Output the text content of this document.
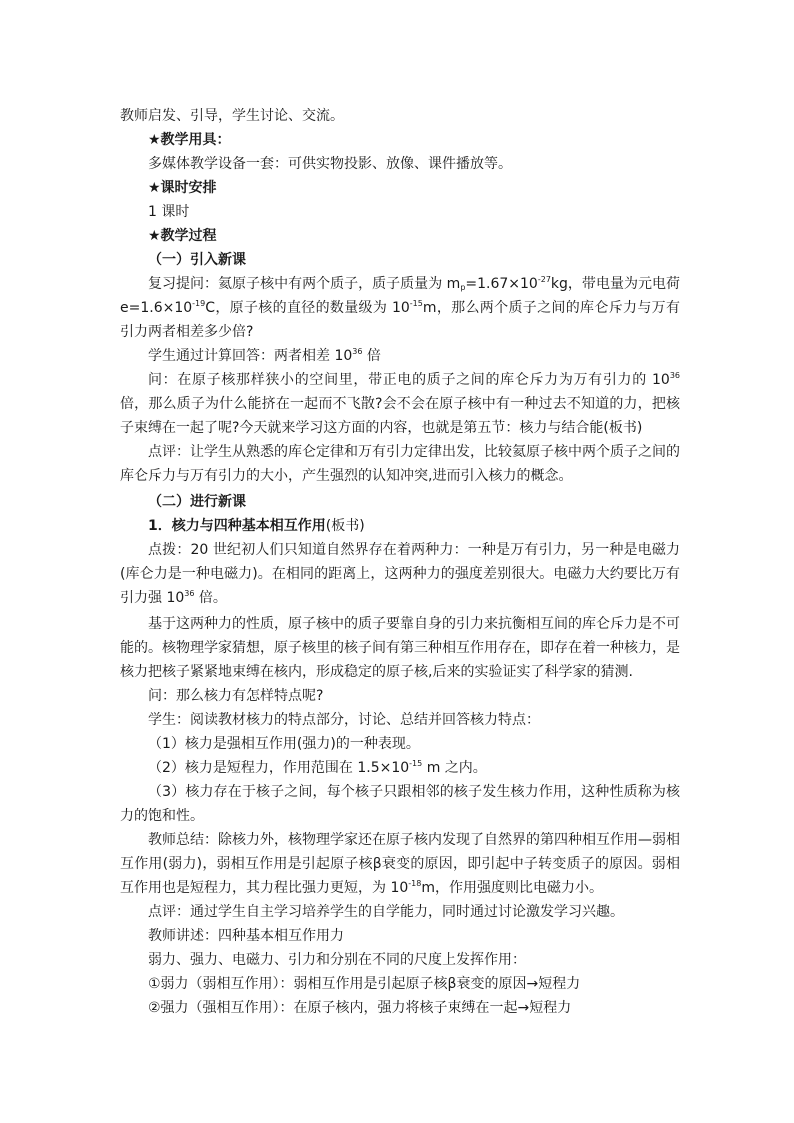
教师启发、引导，学生讨论、交流。

★教学用具：

多媒体教学设备一套：可供实物投影、放像、课件播放等。

★课时安排

1 课时

★教学过程

（一）引入新课

复习提问：氦原子核中有两个质子，质子质量为 $m_p=1.67\times 10^{-27}kg$，带电量为元电荷 $e=1.6\times 10^{-19}C$，原子核的直径的数量级为 $10^{-15}m$，那么两个质子之间的库仑斥力与万有引力两者相差多少倍?

学生通过计算回答：两者相差 $10^{36}$ 倍

问：在原子核那样狭小的空间里，带正电的质子之间的库仑斥力为万有引力的 $10^{36}$ 倍，那么质子为什么能挤在一起而不飞散?会不会在原子核中有一种过去不知道的力，把核子束缚在一起了呢?今天就来学习这方面的内容，也就是第五节：核力与结合能(板书)

点评：让学生从熟悉的库仑定律和万有引力定律出发，比较氦原子核中两个质子之间的库仑斥力与万有引力的大小，产生强烈的认知冲突,进而引入核力的概念。

（二）进行新课

1．核力与四种基本相互作用(板书)

点拨：20 世纪初人们只知道自然界存在着两种力：一种是万有引力，另一种是电磁力(库仑力是一种电磁力)。在相同的距离上，这两种力的强度差别很大。电磁力大约要比万有引力强 $10^{36}$ 倍。

基于这两种力的性质，原子核中的质子要靠自身的引力来抗衡相互间的库仑斥力是不可能的。核物理学家猜想，原子核里的核子间有第三种相互作用存在，即存在着一种核力，是核力把核子紧紧地束缚在核内，形成稳定的原子核,后来的实验证实了科学家的猜测.

问：那么核力有怎样特点呢?

学生：阅读教材核力的特点部分，讨论、总结并回答核力特点：

（1）核力是强相互作用(强力)的一种表现。

（2）核力是短程力，作用范围在 $1.5\times 10^{-15}$ m 之内。

（3）核力存在于核子之间，每个核子只跟相邻的核子发生核力作用，这种性质称为核力的饱和性。

教师总结：除核力外，核物理学家还在原子核内发现了自然界的第四种相互作用—弱相互作用(弱力)，弱相互作用是引起原子核β衰变的原因，即引起中子转变质子的原因。弱相互作用也是短程力，其力程比强力更短，为 $10^{-18}m$，作用强度则比电磁力小。

点评：通过学生自主学习培养学生的自学能力，同时通过讨论激发学习兴趣。

教师讲述：四种基本相互作用力

弱力、强力、电磁力、引力和分别在不同的尺度上发挥作用：

①弱力（弱相互作用）：弱相互作用是引起原子核β衰变的原因→短程力

②强力（强相互作用）：在原子核内，强力将核子束缚在一起→短程力
